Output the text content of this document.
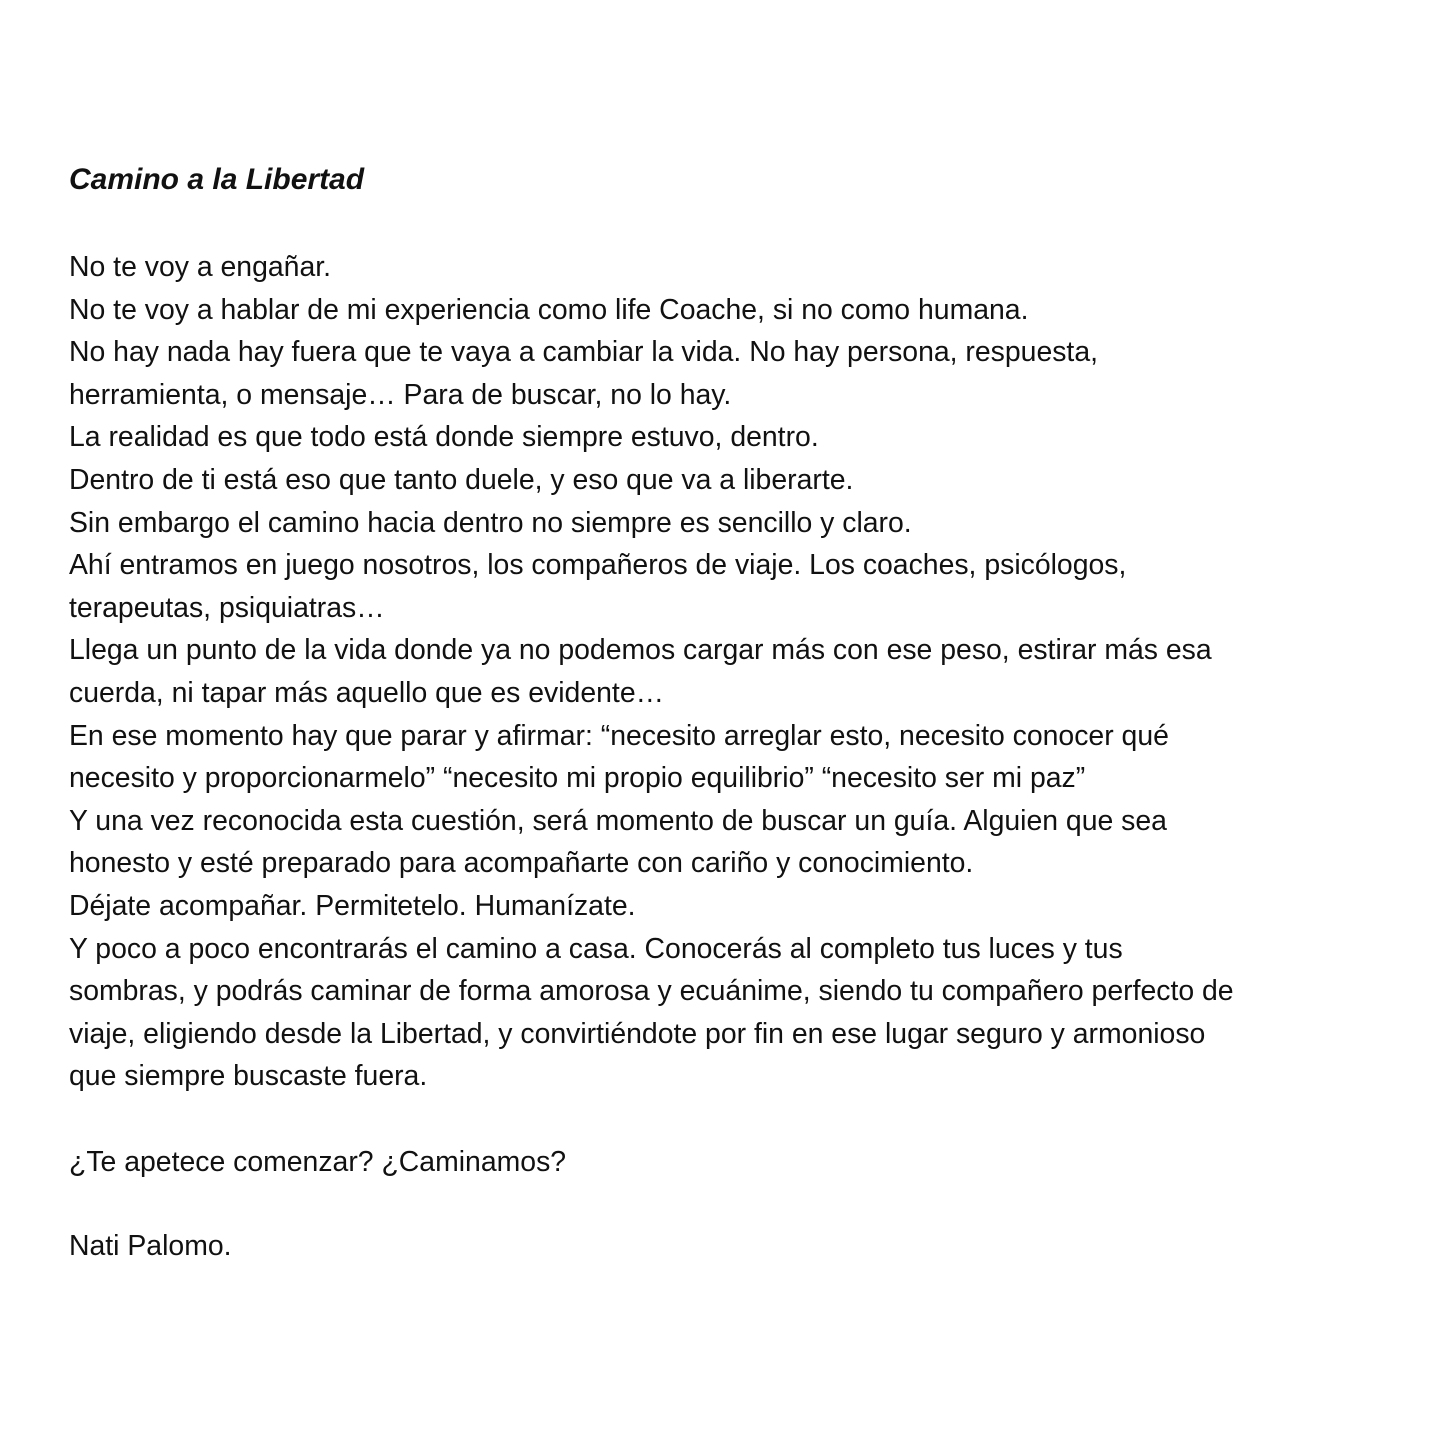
Camino a la Libertad

No te voy a engañar.

No te voy a hablar de mi experiencia como life Coache, si no como humana.

No hay nada hay fuera que te vaya a cambiar la vida. No hay persona, respuesta,

herramienta, o mensaje… Para de buscar, no lo hay.

La realidad es que todo está donde siempre estuvo, dentro.

Dentro de ti está eso que tanto duele, y eso que va a liberarte.

Sin embargo el camino hacia dentro no siempre es sencillo y claro.

Ahí entramos en juego nosotros, los compañeros de viaje. Los coaches, psicólogos,

terapeutas, psiquiatras…

Llega un punto de la vida donde ya no podemos cargar más con ese peso, estirar más esa

cuerda, ni tapar más aquello que es evidente…

En ese momento hay que parar y afirmar: “necesito arreglar esto, necesito conocer qué

necesito y proporcionarmelo” “necesito mi propio equilibrio” “necesito ser mi paz”

Y una vez reconocida esta cuestión, será momento de buscar un guía. Alguien que sea

honesto y esté preparado para acompañarte con cariño y conocimiento.

Déjate acompañar. Permitetelo. Humanízate.

Y poco a poco encontrarás el camino a casa. Conocerás al completo tus luces y tus

sombras, y podrás caminar de forma amorosa y ecuánime, siendo tu compañero perfecto de

viaje, eligiendo desde la Libertad, y convirtiéndote por fin en ese lugar seguro y armonioso

que siempre buscaste fuera.

¿Te apetece comenzar? ¿Caminamos?

Nati Palomo.
